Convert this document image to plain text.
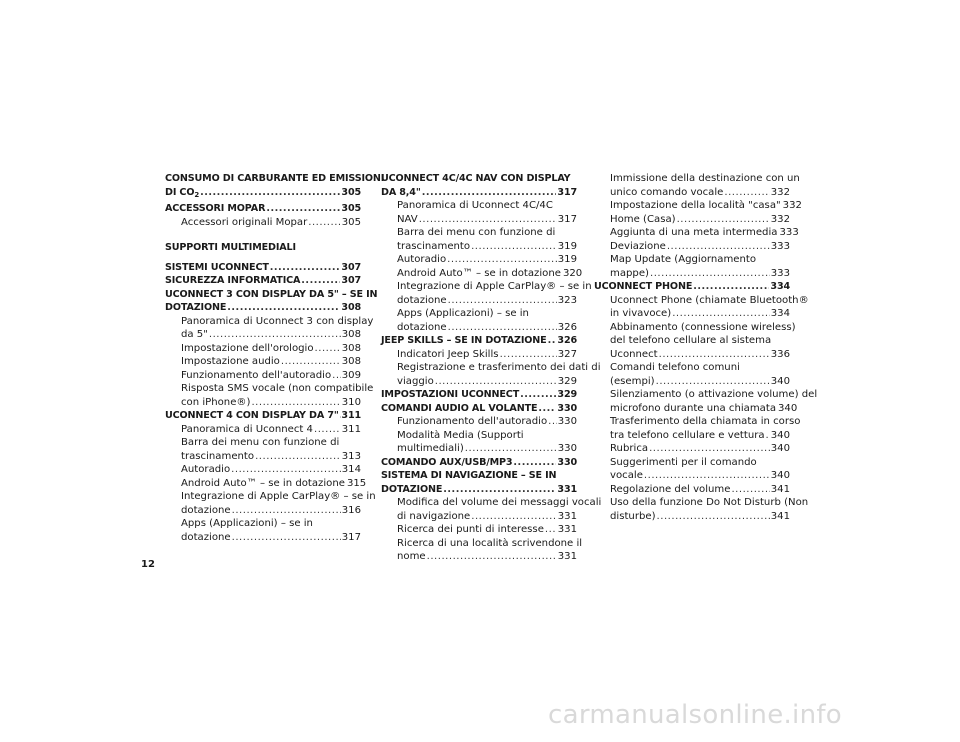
CONSUMO DI CARBURANTE ED EMISSIONI
DI $CO_2$ .....	305
ACCESSORI MOPAR .....	305
Accessori originali Mopar .....	305
SUPPORTI MULTIMEDIALI
SISTEMI UCONNECT .....	307
SICUREZZA INFORMATICA .....	307
UCONNECT 3 CON DISPLAY DA 5" – SE IN
DOTAZIONE .....	308
Panoramica di Uconnect 3 con display
da 5" .....	308
Impostazione dell'orologio .....	308
Impostazione audio .....	308
Funzionamento dell'autoradio ..... 309
Risposta SMS vocale (non compatibile
con iPhone®) .....	310
UCONNECT 4 CON DISPLAY DA 7" ..... 311
Panoramica di Uconnect 4 .....	311
Barra dei menu con funzione di
trascinamento .....	313
Autoradio .....	314
Android Auto™ – se in dotazione 315
Integrazione di Apple CarPlay® – se in
dotazione .....	316
Apps (Applicazioni) – se in
dotazione .....	317
UCONNECT 4C/4C NAV CON DISPLAY
DA 8,4" .....	317
Panoramica di Uconnect 4C/4C
NAV .....	317
Barra dei menu con funzione di
trascinamento .....	319
Autoradio .....	319
Android Auto™ – se in dotazione 320
Integrazione di Apple CarPlay® – se in
dotazione .....	323
Apps (Applicazioni) – se in
dotazione .....	326
JEEP SKILLS – SE IN DOTAZIONE ..... 326
Indicatori Jeep Skills .....	327
Registrazione e trasferimento dei dati di
viaggio .....	329
IMPOSTAZIONI UCONNECT .....	329
COMANDI AUDIO AL VOLANTE ..... 330
Funzionamento dell'autoradio ..... 330
Modalità Media (Supporti
multimediali) .....	330
COMANDO AUX/USB/MP3 .....	330
SISTEMA DI NAVIGAZIONE – SE IN
DOTAZIONE .....	331
Modifica del volume dei messaggi vocali
di navigazione .....	331
Ricerca dei punti di interesse ..... 331
Ricerca di una località scrivendone il
nome .....	331
Immissione della destinazione con un
unico comando vocale .....	332
Impostazione della località "casa" 332
Home (Casa) .....	332
Aggiunta di una meta intermedia 333
Deviazione .....	333
Map Update (Aggiornamento
mappe) .....	333
UCONNECT PHONE .....	334
Uconnect Phone (chiamate Bluetooth®
in vivavoce) .....	334
Abbinamento (connessione wireless)
del telefono cellulare al sistema
Uconnect .....	336
Comandi telefono comuni
(esempi) .....	340
Silenziamento (o attivazione volume) del
microfono durante una chiamata 340
Trasferimento della chiamata in corso
tra telefono cellulare e vettura ..... 340
Rubrica .....	340
Suggerimenti per il comando
vocale .....	340
Regolazione del volume .....	341
Uso della funzione Do Not Disturb (Non
disturbe) .....	341
12
carmanualsonline.info
